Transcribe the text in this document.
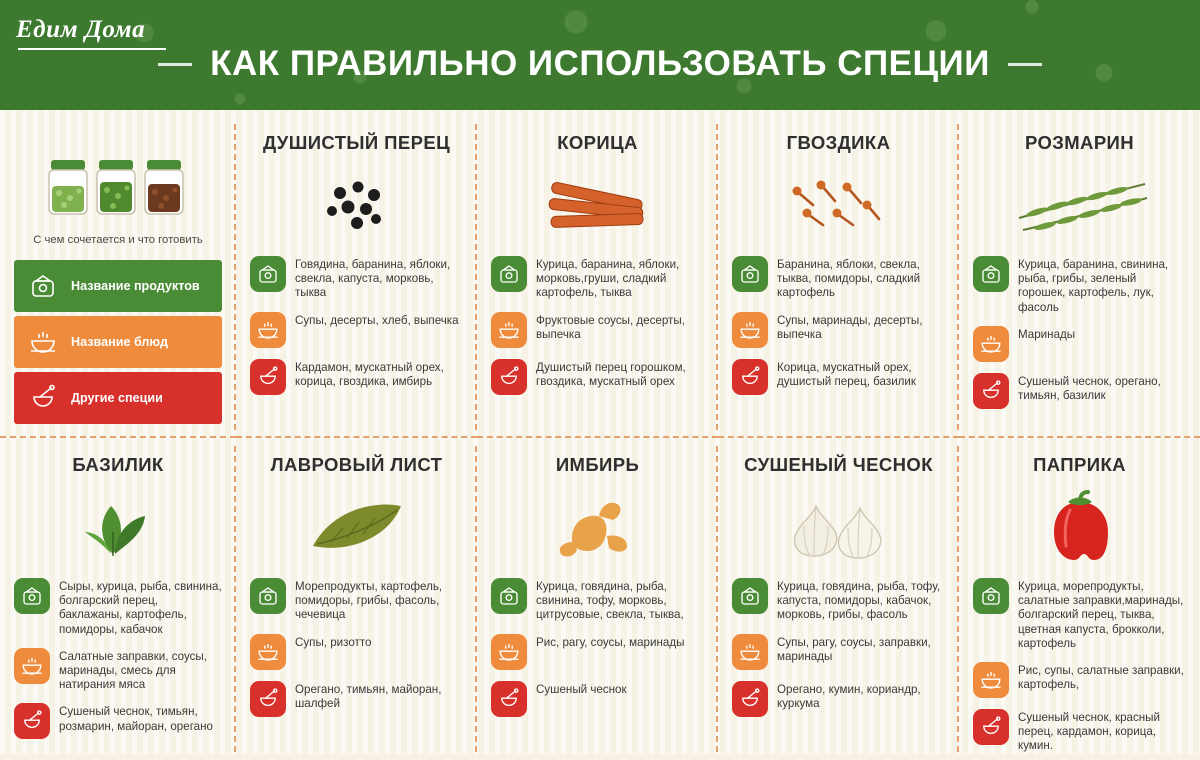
Едим Дома
КАК ПРАВИЛЬНО ИСПОЛЬЗОВАТЬ СПЕЦИИ
С чем сочетается и что готовить
Название продуктов
Название блюд
Другие специи
ДУШИСТЫЙ ПЕРЕЦ
Говядина, баранина, яблоки, свекла, капуста, морковь, тыква
Супы, десерты, хлеб, выпечка
Кардамон, мускатный орех, корица, гвоздика, имбирь
КОРИЦА
Курица, баранина, яблоки, морковь,груши, сладкий картофель, тыква
Фруктовые соусы, десерты, выпечка
Душистый перец горошком, гвоздика, мускатный орех
ГВОЗДИКА
Баранина, яблоки, свекла, тыква, помидоры, сладкий картофель
Супы, маринады, десерты, выпечка
Корица, мускатный орех, душистый перец, базилик
РОЗМАРИН
Курица, баранина, свинина, рыба, грибы, зеленый горошек, картофель, лук, фасоль
Маринады
Сушеный чеснок, орегано, тимьян, базилик
БАЗИЛИК
Сыры, курица, рыба, свинина, болгарский перец, баклажаны, картофель, помидоры, кабачок
Салатные заправки, соусы, маринады, смесь для натирания мяса
Сушеный чеснок, тимьян, розмарин, майоран, орегано
ЛАВРОВЫЙ ЛИСТ
Морепродукты, картофель, помидоры, грибы, фасоль, чечевица
Супы, ризотто
Орегано, тимьян, майоран, шалфей
ИМБИРЬ
Курица, говядина, рыба, свинина, тофу, морковь, цитрусовые, свекла, тыква,
Рис, рагу, соусы, маринады
Сушеный чеснок
СУШЕНЫЙ ЧЕСНОК
Курица, говядина, рыба, тофу, капуста, помидоры, кабачок, морковь, грибы, фасоль
Супы, рагу, соусы, заправки, маринады
Орегано, кумин, кориандр, куркума
ПАПРИКА
Курица, морепродукты, салатные заправки,маринады, болгарский перец, тыква, цветная капуста, брокколи, картофель
Рис, супы, салатные заправки, картофель,
Сушеный чеснок, красный перец, кардамон, корица, кумин.
